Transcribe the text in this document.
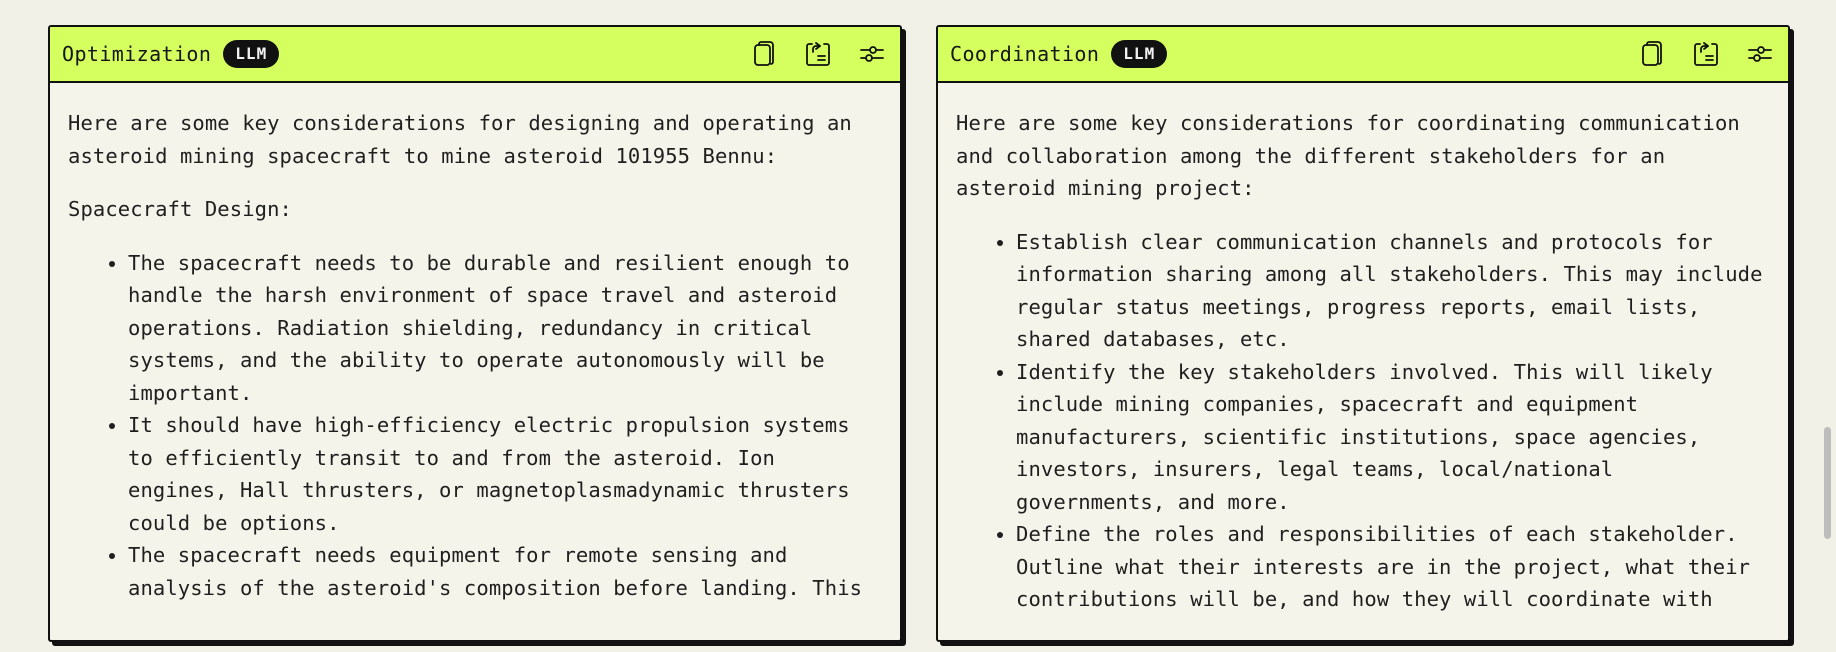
Optimization	LLM

Here are some key considerations for designing and operating an asteroid mining spacecraft to mine asteroid 101955 Bennu:

Spacecraft Design:

• The spacecraft needs to be durable and resilient enough to handle the harsh environment of space travel and asteroid operations. Radiation shielding, redundancy in critical systems, and the ability to operate autonomously will be important.
• It should have high-efficiency electric propulsion systems to efficiently transit to and from the asteroid. Ion engines, Hall thrusters, or magnetoplasmadynamic thrusters could be options.
• The spacecraft needs equipment for remote sensing and analysis of the asteroid's composition before landing. This
Coordination	LLM

Here are some key considerations for coordinating communication and collaboration among the different stakeholders for an asteroid mining project:

• Establish clear communication channels and protocols for information sharing among all stakeholders. This may include regular status meetings, progress reports, email lists, shared databases, etc.
• Identify the key stakeholders involved. This will likely include mining companies, spacecraft and equipment manufacturers, scientific institutions, space agencies, investors, insurers, legal teams, local/national governments, and more.
• Define the roles and responsibilities of each stakeholder. Outline what their interests are in the project, what their contributions will be, and how they will coordinate with
